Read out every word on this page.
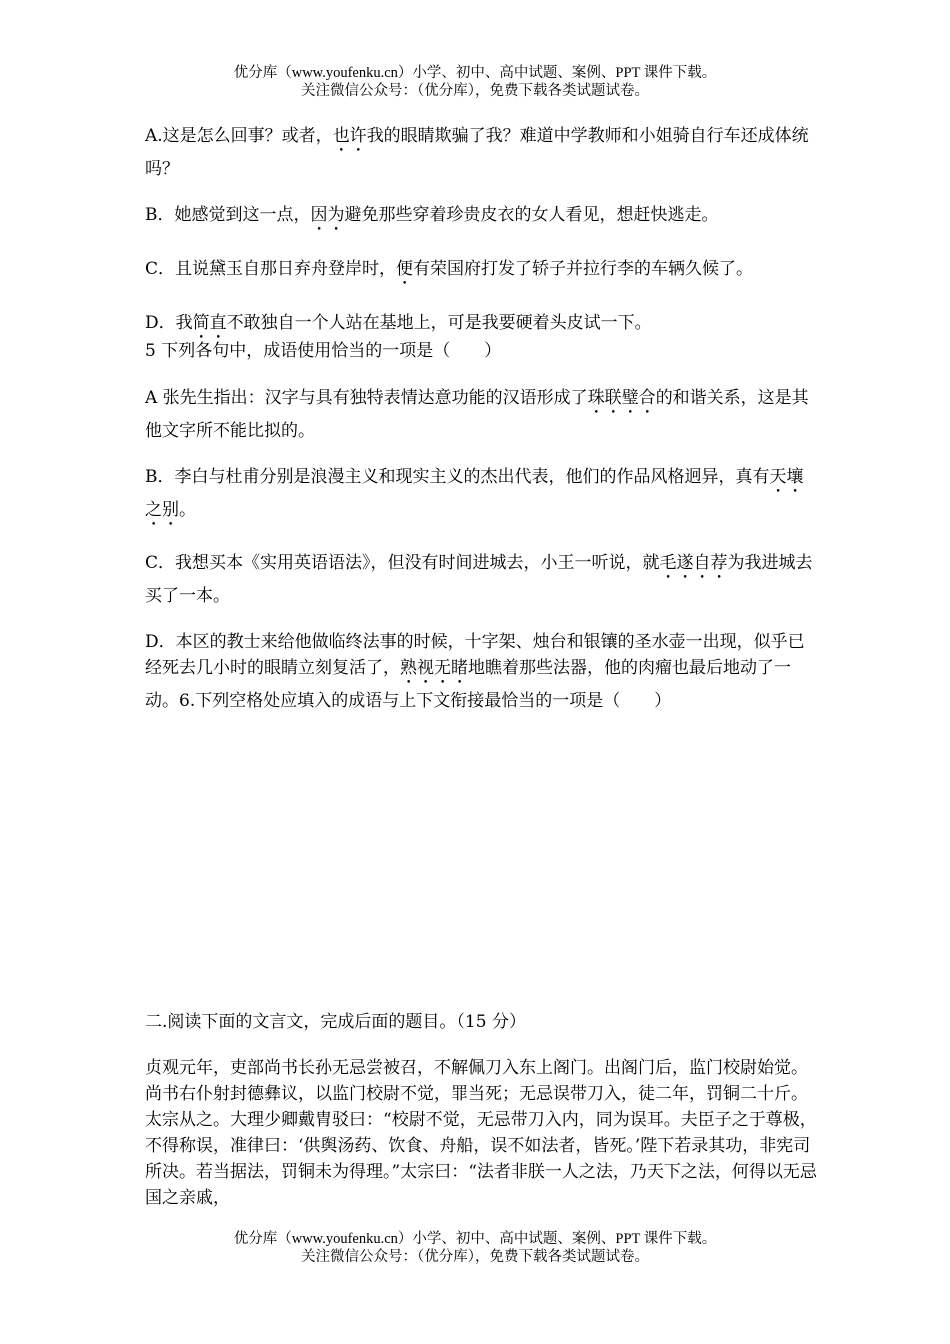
优分库（www.youfenku.cn）小学、初中、高中试题、案例、PPT 课件下载。
关注微信公众号：（优分库），免费下载各类试题试卷。

A.这是怎么回事？或者，也许我的眼睛欺骗了我？难道中学教师和小姐骑自行车还成体统吗？

B．她感觉到这一点，因为避免那些穿着珍贵皮衣的女人看见，想赶快逃走。

C．且说黛玉自那日弃舟登岸时，便有荣国府打发了轿子并拉行李的车辆久候了。

D．我简直不敢独自一个人站在基地上，可是我要硬着头皮试一下。

5 下列各句中，成语使用恰当的一项是（　　）

A 张先生指出：汉字与具有独特表情达意功能的汉语形成了珠联璧合的和谐关系，这是其他文字所不能比拟的。

B．李白与杜甫分别是浪漫主义和现实主义的杰出代表，他们的作品风格迥异，真有天壤之别。

C．我想买本《实用英语语法》，但没有时间进城去，小王一听说，就毛遂自荐为我进城去买了一本。

D．本区的教士来给他做临终法事的时候，十字架、烛台和银镶的圣水壶一出现，似乎已经死去几小时的眼睛立刻复活了，熟视无睹地瞧着那些法器，他的肉瘤也最后地动了一动。6.下列空格处应填入的成语与上下文衔接最恰当的一项是（　　）

二.阅读下面的文言文，完成后面的题目。（15 分）

贞观元年，吏部尚书长孙无忌尝被召，不解佩刀入东上阁门。出阁门后，监门校尉始觉。尚书右仆射封德彝议，以监门校尉不觉，罪当死；无忌误带刀入，徒二年，罚铜二十斤。太宗从之。大理少卿戴胄驳曰：“校尉不觉，无忌带刀入内，同为误耳。夫臣子之于尊极，不得称误，准律曰：‘供舆汤药、饮食、舟船，误不如法者，皆死。’陛下若录其功，非宪司所决。若当据法，罚铜未为得理。”太宗曰：“法者非朕一人之法，乃天下之法，何得以无忌国之亲戚，

优分库（www.youfenku.cn）小学、初中、高中试题、案例、PPT 课件下载。
关注微信公众号：（优分库），免费下载各类试题试卷。
